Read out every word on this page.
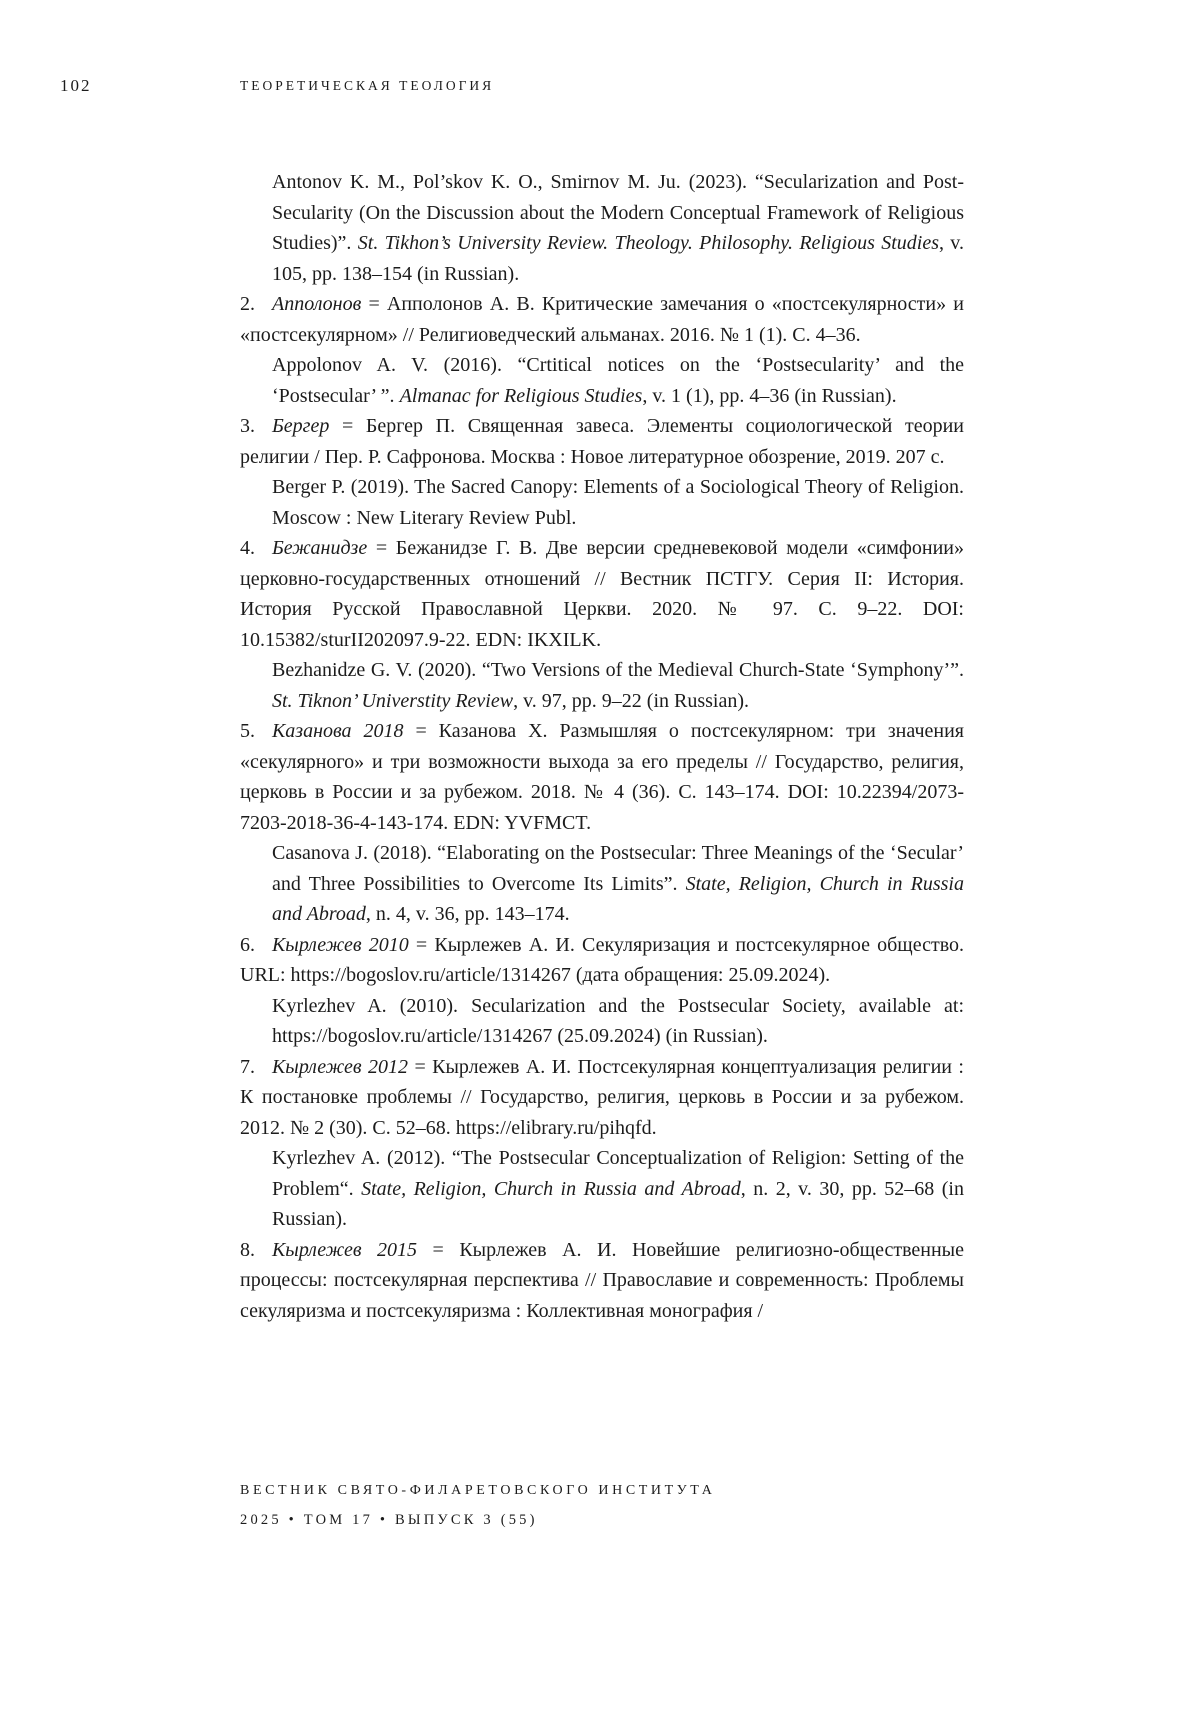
102	ТЕОРЕТИЧЕСКАЯ ТЕОЛОГИЯ

Antonov K. M., Pol’skov K. O., Smirnov M. Ju. (2023). “Secularization and Post-Secularity (On the Discussion about the Modern Conceptual Framework of Religious Studies)”. St. Tikhon’s University Review. Theology. Philosophy. Religious Studies, v. 105, pp. 138–154 (in Russian).

2. Апполонов = Апполонов А. В. Критические замечания о «постсекулярности» и «постсекулярном» // Религиоведческий альманах. 2016. № 1 (1). С. 4–36.

Appolonov A. V. (2016). “Crtitical notices on the ‘Postsecularity’ and the ‘Postsecular’ ”. Almanac for Religious Studies, v. 1 (1), pp. 4–36 (in Russian).

3. Бергер = Бергер П. Священная завеса. Элементы социологической теории религии / Пер. Р. Сафронова. Москва : Новое литературное обозрение, 2019. 207 с.

Berger P. (2019). The Sacred Canopy: Elements of a Sociological Theory of Religion. Moscow : New Literary Review Publ.

4. Бежанидзе = Бежанидзе Г. В. Две версии средневековой модели «симфонии» церковно-государственных отношений // Вестник ПСТГУ. Серия II: История. История Русской Православной Церкви. 2020. № 97. С. 9–22. DOI: 10.15382/sturII202097.9-22. EDN: IKXILK.

Bezhanidze G. V. (2020). “Two Versions of the Medieval Church-State ‘Symphony’”. St. Tiknon’ Universtity Review, v. 97, pp. 9–22 (in Russian).

5. Казанова 2018 = Казанова Х. Размышляя о постсекулярном: три значения «секулярного» и три возможности выхода за его пределы // Государство, религия, церковь в России и за рубежом. 2018. № 4 (36). С. 143–174. DOI: 10.22394/2073-7203-2018-36-4-143-174. EDN: YVFMCT.

Casanova J. (2018). “Elaborating on the Postsecular: Three Meanings of the ‘Secular’ and Three Possibilities to Overcome Its Limits”. State, Religion, Church in Russia and Abroad, n. 4, v. 36, pp. 143–174.

6. Кырлежев 2010 = Кырлежев А. И. Секуляризация и постсекулярное общество. URL: https://bogoslov.ru/article/1314267 (дата обращения: 25.09.2024).

Kyrlezhev A. (2010). Secularization and the Postsecular Society, available at: https://bogoslov.ru/article/1314267 (25.09.2024) (in Russian).

7. Кырлежев 2012 = Кырлежев А. И. Постсекулярная концептуализация религии : К постановке проблемы // Государство, религия, церковь в России и за рубежом. 2012. № 2 (30). С. 52–68. https://elibrary.ru/pihqfd.

Kyrlezhev A. (2012). “The Postsecular Conceptualization of Religion: Setting of the Problem“. State, Religion, Church in Russia and Abroad, n. 2, v. 30, pp. 52–68 (in Russian).

8. Кырлежев 2015 = Кырлежев А. И. Новейшие религиозно-общественные процессы: постсекулярная перспектива // Православие и современность: Проблемы секуляризма и постсекуляризма : Коллективная монография /

ВЕСТНИК СВЯТО-ФИЛАРЕТОВСКОГО ИНСТИТУТА
2025 • ТОМ 17 • ВЫПУСК 3 (55)
